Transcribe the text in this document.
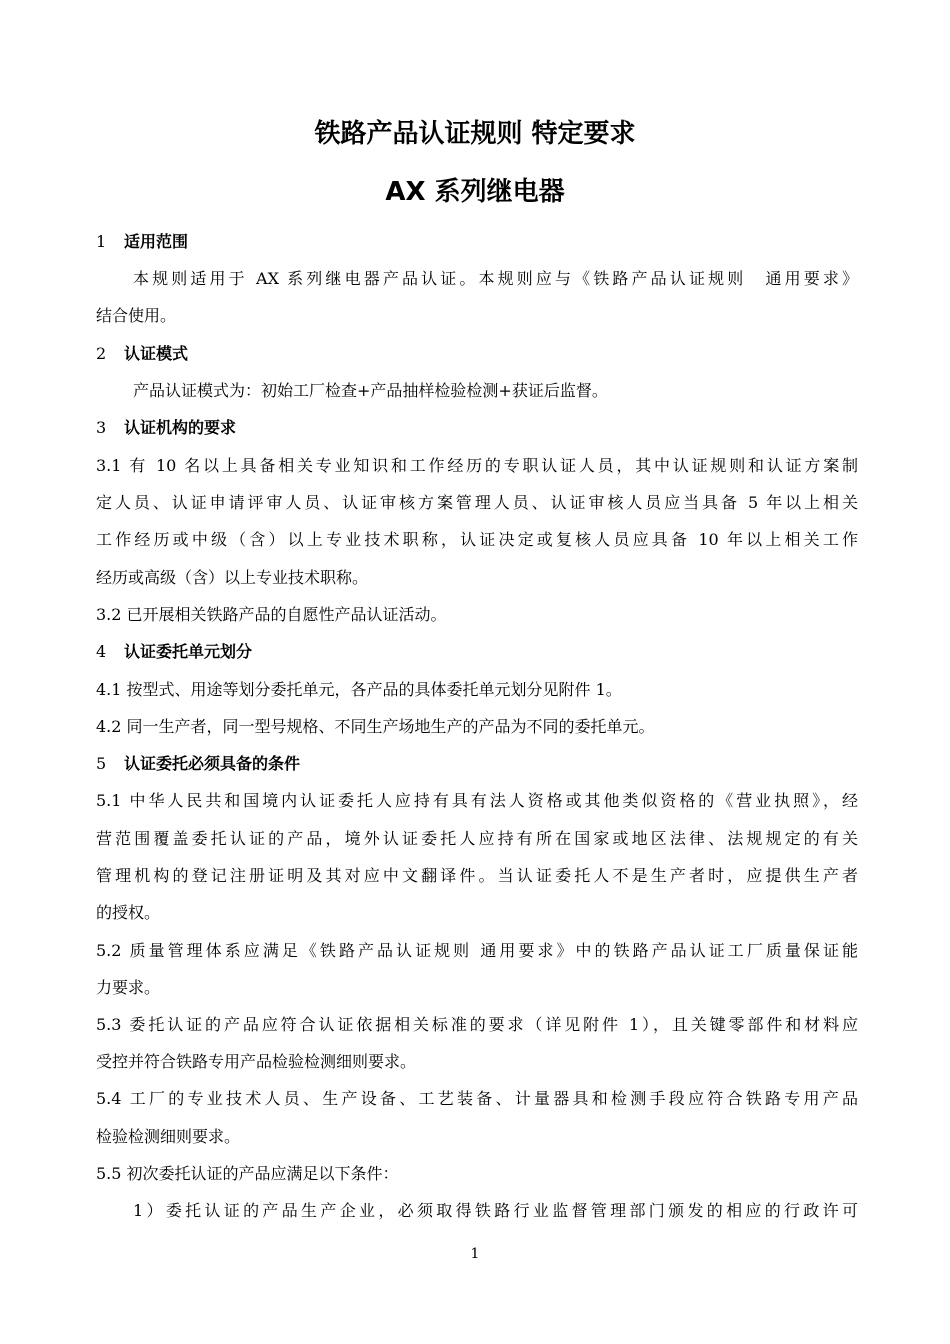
铁路产品认证规则 特定要求
AX 系列继电器
1 适用范围
本规则适用于 AX 系列继电器产品认证。本规则应与《铁路产品认证规则　通用要求》
结合使用。
2 认证模式
产品认证模式为：初始工厂检查+产品抽样检验检测+获证后监督。
3 认证机构的要求
3.1 有 10 名以上具备相关专业知识和工作经历的专职认证人员，其中认证规则和认证方案制
定人员、认证申请评审人员、认证审核方案管理人员、认证审核人员应当具备 5 年以上相关
工作经历或中级（含）以上专业技术职称，认证决定或复核人员应具备 10 年以上相关工作
经历或高级（含）以上专业技术职称。
3.2 已开展相关铁路产品的自愿性产品认证活动。
4 认证委托单元划分
4.1 按型式、用途等划分委托单元，各产品的具体委托单元划分见附件 1。
4.2 同一生产者，同一型号规格、不同生产场地生产的产品为不同的委托单元。
5 认证委托必须具备的条件
5.1 中华人民共和国境内认证委托人应持有具有法人资格或其他类似资格的《营业执照》，经
营范围覆盖委托认证的产品，境外认证委托人应持有所在国家或地区法律、法规规定的有关
管理机构的登记注册证明及其对应中文翻译件。当认证委托人不是生产者时，应提供生产者
的授权。
5.2 质量管理体系应满足《铁路产品认证规则 通用要求》中的铁路产品认证工厂质量保证能
力要求。
5.3 委托认证的产品应符合认证依据相关标准的要求（详见附件 1），且关键零部件和材料应
受控并符合铁路专用产品检验检测细则要求。
5.4 工厂的专业技术人员、生产设备、工艺装备、计量器具和检测手段应符合铁路专用产品
检验检测细则要求。
5.5 初次委托认证的产品应满足以下条件：
1）委托认证的产品生产企业，必须取得铁路行业监督管理部门颁发的相应的行政许可
1
